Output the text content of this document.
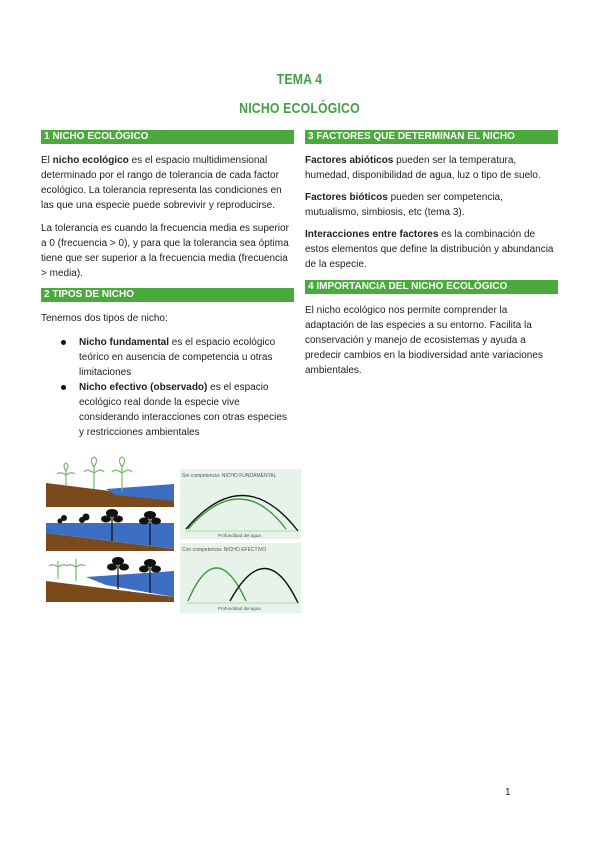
TEMA 4
NICHO ECOLÓGICO
1 NICHO ECOLÓGICO

El nicho ecológico es el espacio multidimensional determinado por el rango de tolerancia de cada factor ecológico. La tolerancia representa las condiciones en las que una especie puede sobrevivir y reproducirse.

La tolerancia es cuando la frecuencia media es superior a 0 (frecuencia > 0), y para que la tolerancia sea óptima tiene que ser superior a la frecuencia media (frecuencia > media).

2 TIPOS DE NICHO

Tenemos dos tipos de nicho:

Nicho fundamental es el espacio ecológico teórico en ausencia de competencia u otras limitaciones
Nicho efectivo (observado) es el espacio ecológico real donde la especie vive considerando interacciones con otras especies y restricciones ambientales
3 FACTORES QUE DETERMINAN EL NICHO

Factores abióticos pueden ser la temperatura, humedad, disponibilidad de agua, luz o tipo de suelo.

Factores bióticos pueden ser competencia, mutualismo, simbiosis, etc (tema 3).

Interacciones entre factores es la combinación de estos elementos que define la distribución y abundancia de la especie.

4 IMPORTANCIA DEL NICHO ECOLÓGICO

El nicho ecológico nos permite comprender la adaptación de las especies a su entorno. Facilita la conservación y manejo de ecosistemas y ayuda a predecir cambios en la biodiversidad ante variaciones ambientales.

Sin competencia: NICHO FUNDAMENTAL
Profundidad del agua
Con competencia: NICHO EFECTIVO
Profundidad del agua
1
